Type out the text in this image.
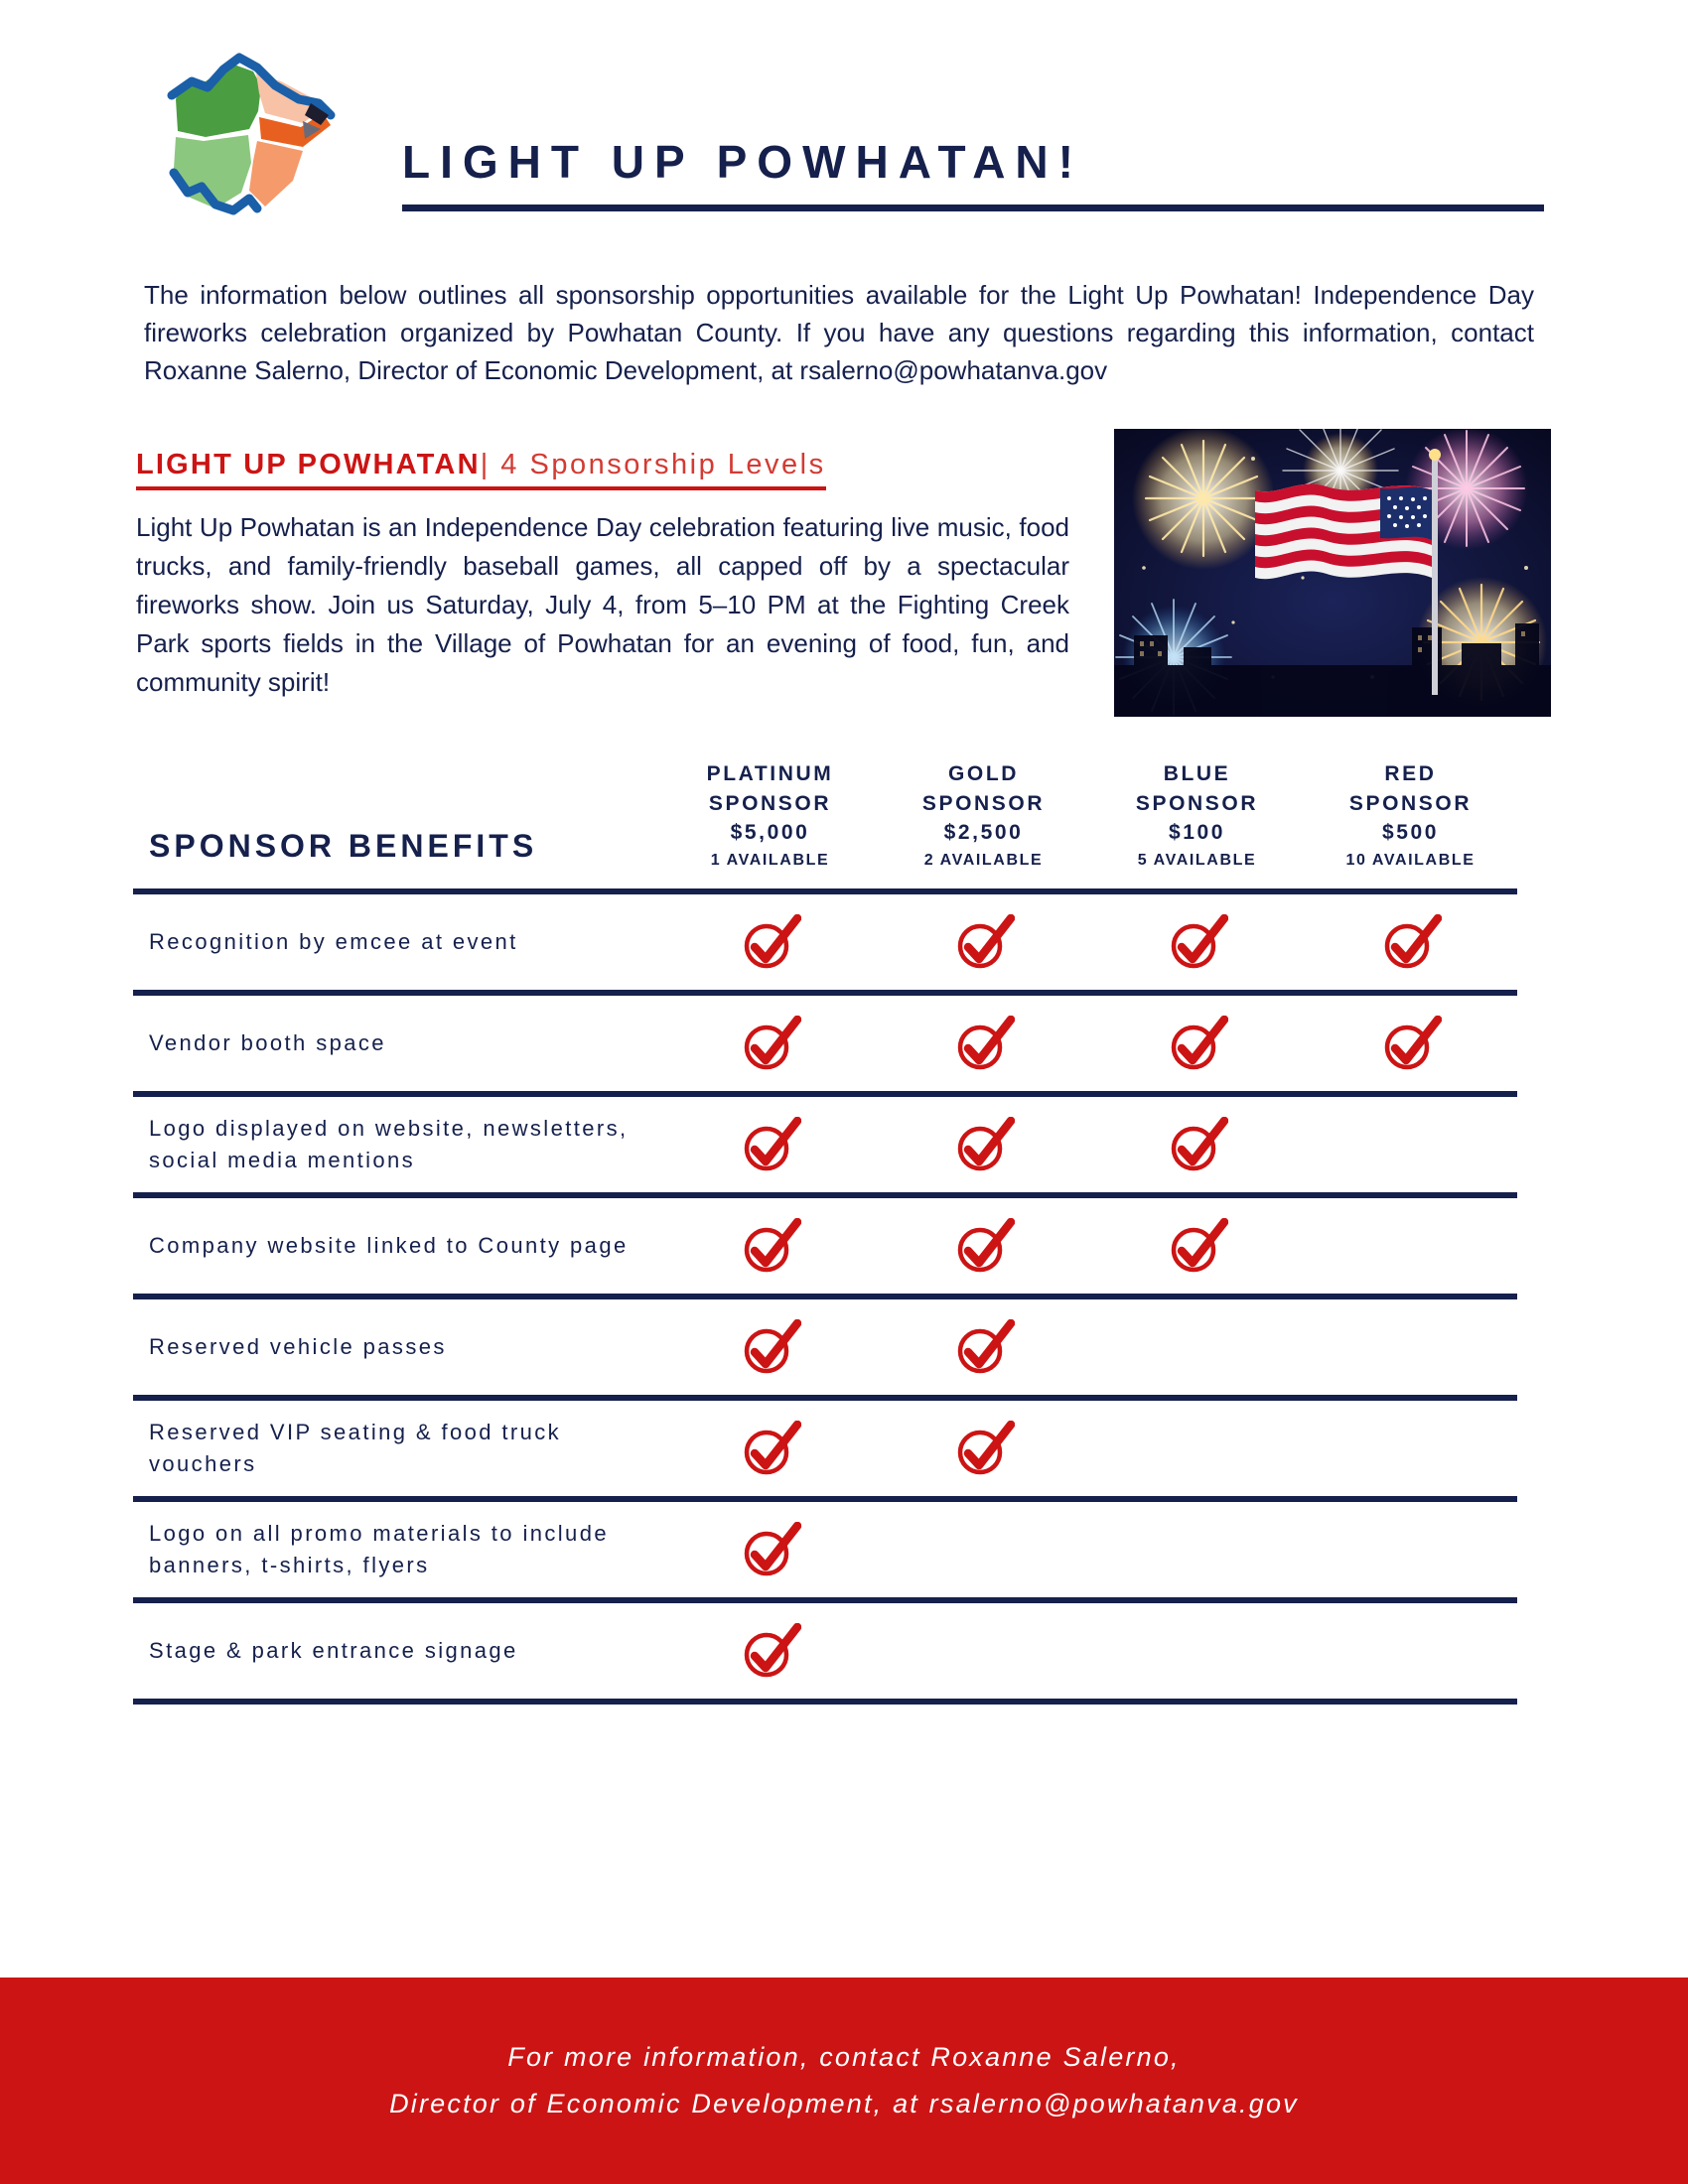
LIGHT UP POWHATAN!
The information below outlines all sponsorship opportunities available for the Light Up Powhatan! Independence Day fireworks celebration organized by Powhatan County. If you have any questions regarding this information, contact Roxanne Salerno, Director of Economic Development, at rsalerno@powhatanva.gov
LIGHT UP POWHATAN| 4 Sponsorship Levels
Light Up Powhatan is an Independence Day celebration featuring live music, food trucks, and family-friendly baseball games, all capped off by a spectacular fireworks show. Join us Saturday, July 4, from 5–10 PM at the Fighting Creek Park sports fields in the Village of Powhatan for an evening of food, fun, and community spirit!
SPONSOR BENEFITS
PLATINUM
SPONSOR
$5,000
1 AVAILABLE
GOLD
SPONSOR
$2,500
2 AVAILABLE
BLUE
SPONSOR
$100
5 AVAILABLE
RED
SPONSOR
$500
10 AVAILABLE
Recognition by emcee at event
Vendor booth space
Logo displayed on website, newsletters, social media mentions
Company website linked to County page
Reserved vehicle passes
Reserved VIP seating & food truck vouchers
Logo on all promo materials to include banners, t-shirts, flyers
Stage & park entrance signage
For more information, contact Roxanne Salerno,
Director of Economic Development, at rsalerno@powhatanva.gov
